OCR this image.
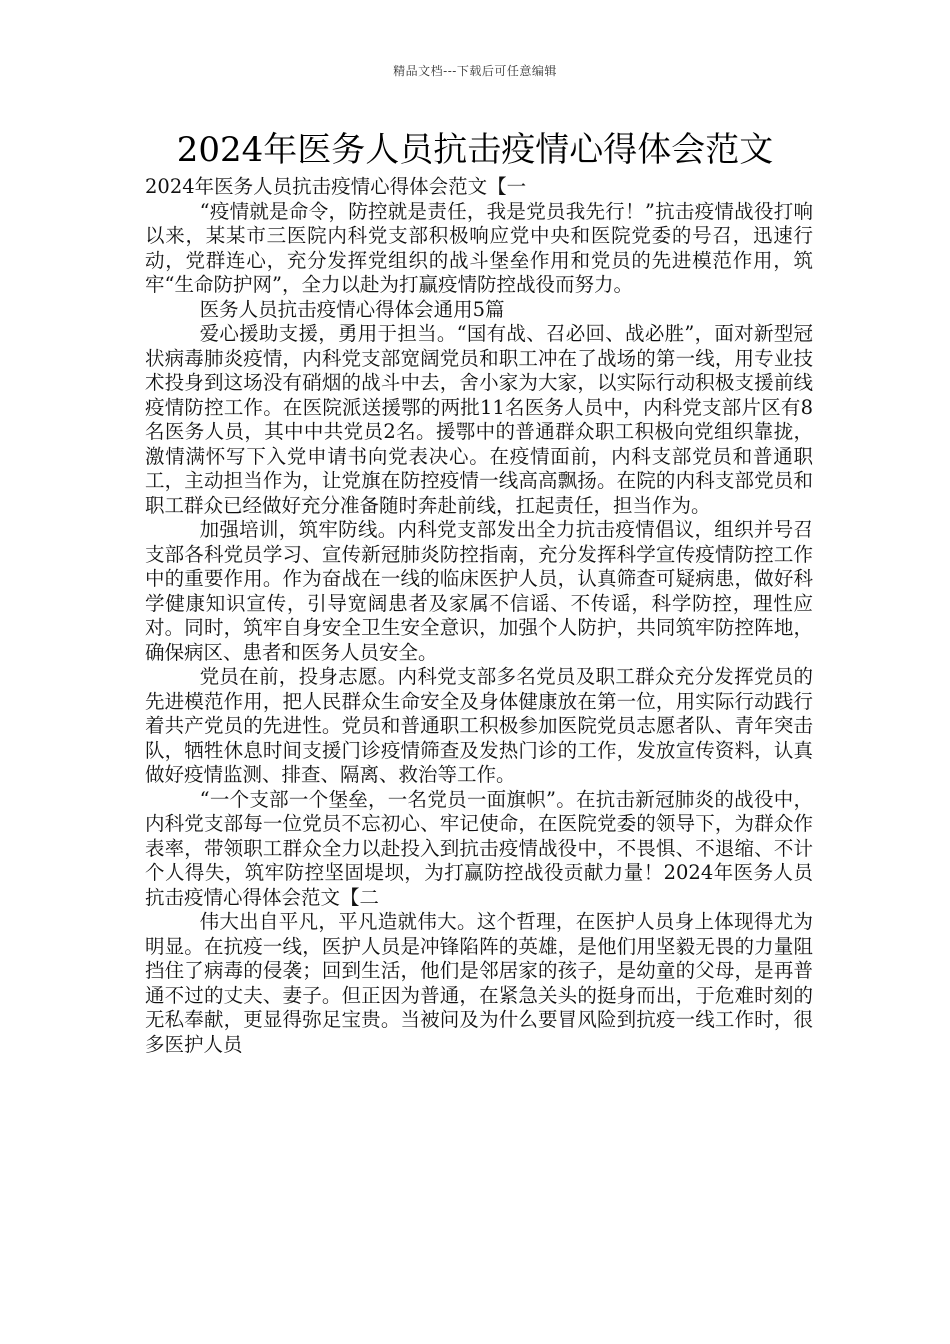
精品文档---下载后可任意编辑
2024年医务人员抗击疫情心得体会范文

2024年医务人员抗击疫情心得体会范文【一

“疫情就是命令，防控就是责任，我是党员我先行！”抗击疫情战役打响以来，某某市三医院内科党支部积极响应党中央和医院党委的号召，迅速行动，党群连心，充分发挥党组织的战斗堡垒作用和党员的先进模范作用，筑牢“生命防护网”，全力以赴为打赢疫情防控战役而努力。

医务人员抗击疫情心得体会通用5篇

爱心援助支援，勇用于担当。“国有战、召必回、战必胜”，面对新型冠状病毒肺炎疫情，内科党支部宽阔党员和职工冲在了战场的第一线，用专业技术投身到这场没有硝烟的战斗中去，舍小家为大家，以实际行动积极支援前线疫情防控工作。在医院派送援鄂的两批11名医务人员中，内科党支部片区有8名医务人员，其中中共党员2名。援鄂中的普通群众职工积极向党组织靠拢，激情满怀写下入党申请书向党表决心。在疫情面前，内科支部党员和普通职工，主动担当作为，让党旗在防控疫情一线高高飘扬。在院的内科支部党员和职工群众已经做好充分准备随时奔赴前线，扛起责任，担当作为。

加强培训，筑牢防线。内科党支部发出全力抗击疫情倡议，组织并号召支部各科党员学习、宣传新冠肺炎防控指南，充分发挥科学宣传疫情防控工作中的重要作用。作为奋战在一线的临床医护人员，认真筛查可疑病患，做好科学健康知识宣传，引导宽阔患者及家属不信谣、不传谣，科学防控，理性应对。同时，筑牢自身安全卫生安全意识，加强个人防护，共同筑牢防控阵地，确保病区、患者和医务人员安全。

党员在前，投身志愿。内科党支部多名党员及职工群众充分发挥党员的先进模范作用，把人民群众生命安全及身体健康放在第一位，用实际行动践行着共产党员的先进性。党员和普通职工积极参加医院党员志愿者队、青年突击队，牺牲休息时间支援门诊疫情筛查及发热门诊的工作，发放宣传资料，认真做好疫情监测、排查、隔离、救治等工作。

“一个支部一个堡垒，一名党员一面旗帜”。在抗击新冠肺炎的战役中，内科党支部每一位党员不忘初心、牢记使命，在医院党委的领导下，为群众作表率，带领职工群众全力以赴投入到抗击疫情战役中，不畏惧、不退缩、不计个人得失，筑牢防控坚固堤坝，为打赢防控战役贡献力量！2024年医务人员抗击疫情心得体会范文【二

伟大出自平凡，平凡造就伟大。这个哲理，在医护人员身上体现得尤为明显。在抗疫一线，医护人员是冲锋陷阵的英雄，是他们用坚毅无畏的力量阻挡住了病毒的侵袭；回到生活，他们是邻居家的孩子，是幼童的父母，是再普通不过的丈夫、妻子。但正因为普通，在紧急关头的挺身而出，于危难时刻的无私奉献，更显得弥足宝贵。当被问及为什么要冒风险到抗疫一线工作时，很多医护人员
